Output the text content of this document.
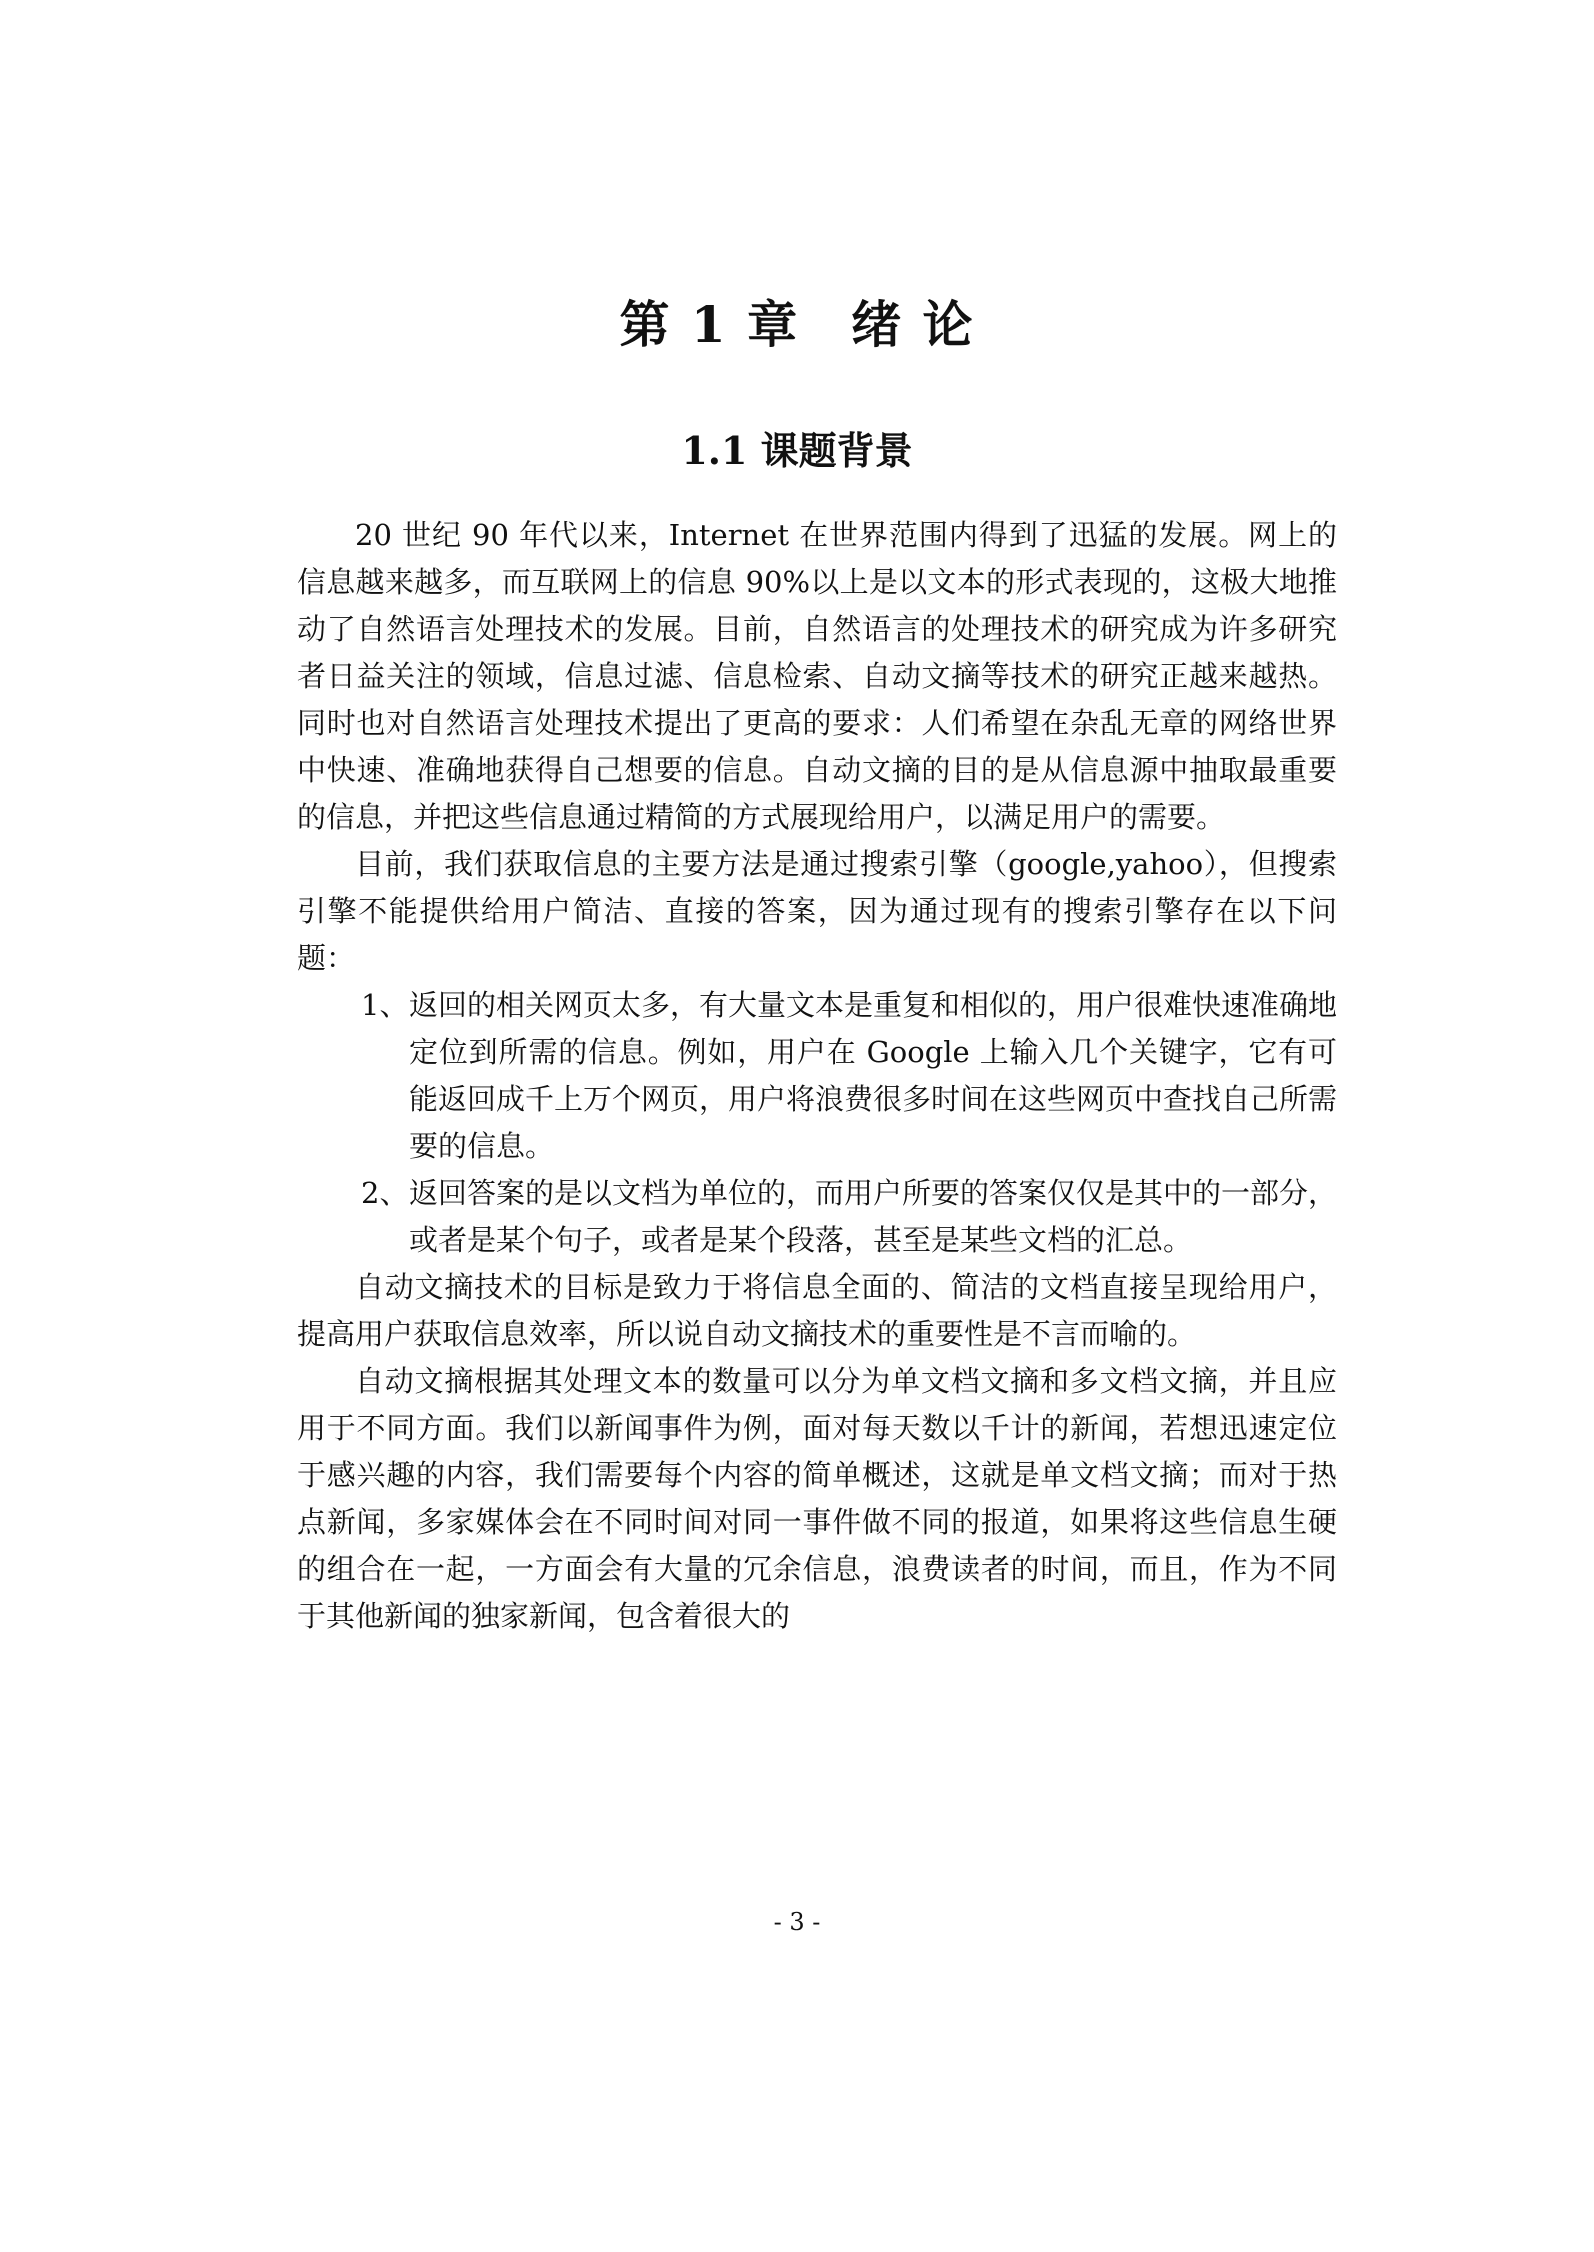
第 1 章 绪 论
1.1 课题背景

20 世纪 90 年代以来，Internet 在世界范围内得到了迅猛的发展。网上的信息越来越多，而互联网上的信息 90%以上是以文本的形式表现的，这极大地推动了自然语言处理技术的发展。目前，自然语言的处理技术的研究成为许多研究者日益关注的领域，信息过滤、信息检索、自动文摘等技术的研究正越来越热。同时也对自然语言处理技术提出了更高的要求：人们希望在杂乱无章的网络世界中快速、准确地获得自己想要的信息。自动文摘的目的是从信息源中抽取最重要的信息，并把这些信息通过精简的方式展现给用户，以满足用户的需要。

目前，我们获取信息的主要方法是通过搜索引擎（google,yahoo），但搜索引擎不能提供给用户简洁、直接的答案，因为通过现有的搜索引擎存在以下问题：

1、 返回的相关网页太多，有大量文本是重复和相似的，用户很难快速准确地定位到所需的信息。例如，用户在 Google 上输入几个关键字，它有可能返回成千上万个网页，用户将浪费很多时间在这些网页中查找自己所需要的信息。
2、 返回答案的是以文档为单位的，而用户所要的答案仅仅是其中的一部分，或者是某个句子，或者是某个段落，甚至是某些文档的汇总。

自动文摘技术的目标是致力于将信息全面的、简洁的文档直接呈现给用户，提高用户获取信息效率，所以说自动文摘技术的重要性是不言而喻的。

自动文摘根据其处理文本的数量可以分为单文档文摘和多文档文摘，并且应用于不同方面。我们以新闻事件为例，面对每天数以千计的新闻，若想迅速定位于感兴趣的内容，我们需要每个内容的简单概述，这就是单文档文摘；而对于热点新闻，多家媒体会在不同时间对同一事件做不同的报道，如果将这些信息生硬的组合在一起，一方面会有大量的冗余信息，浪费读者的时间，而且，作为不同于其他新闻的独家新闻，包含着很大的

- 3 -
